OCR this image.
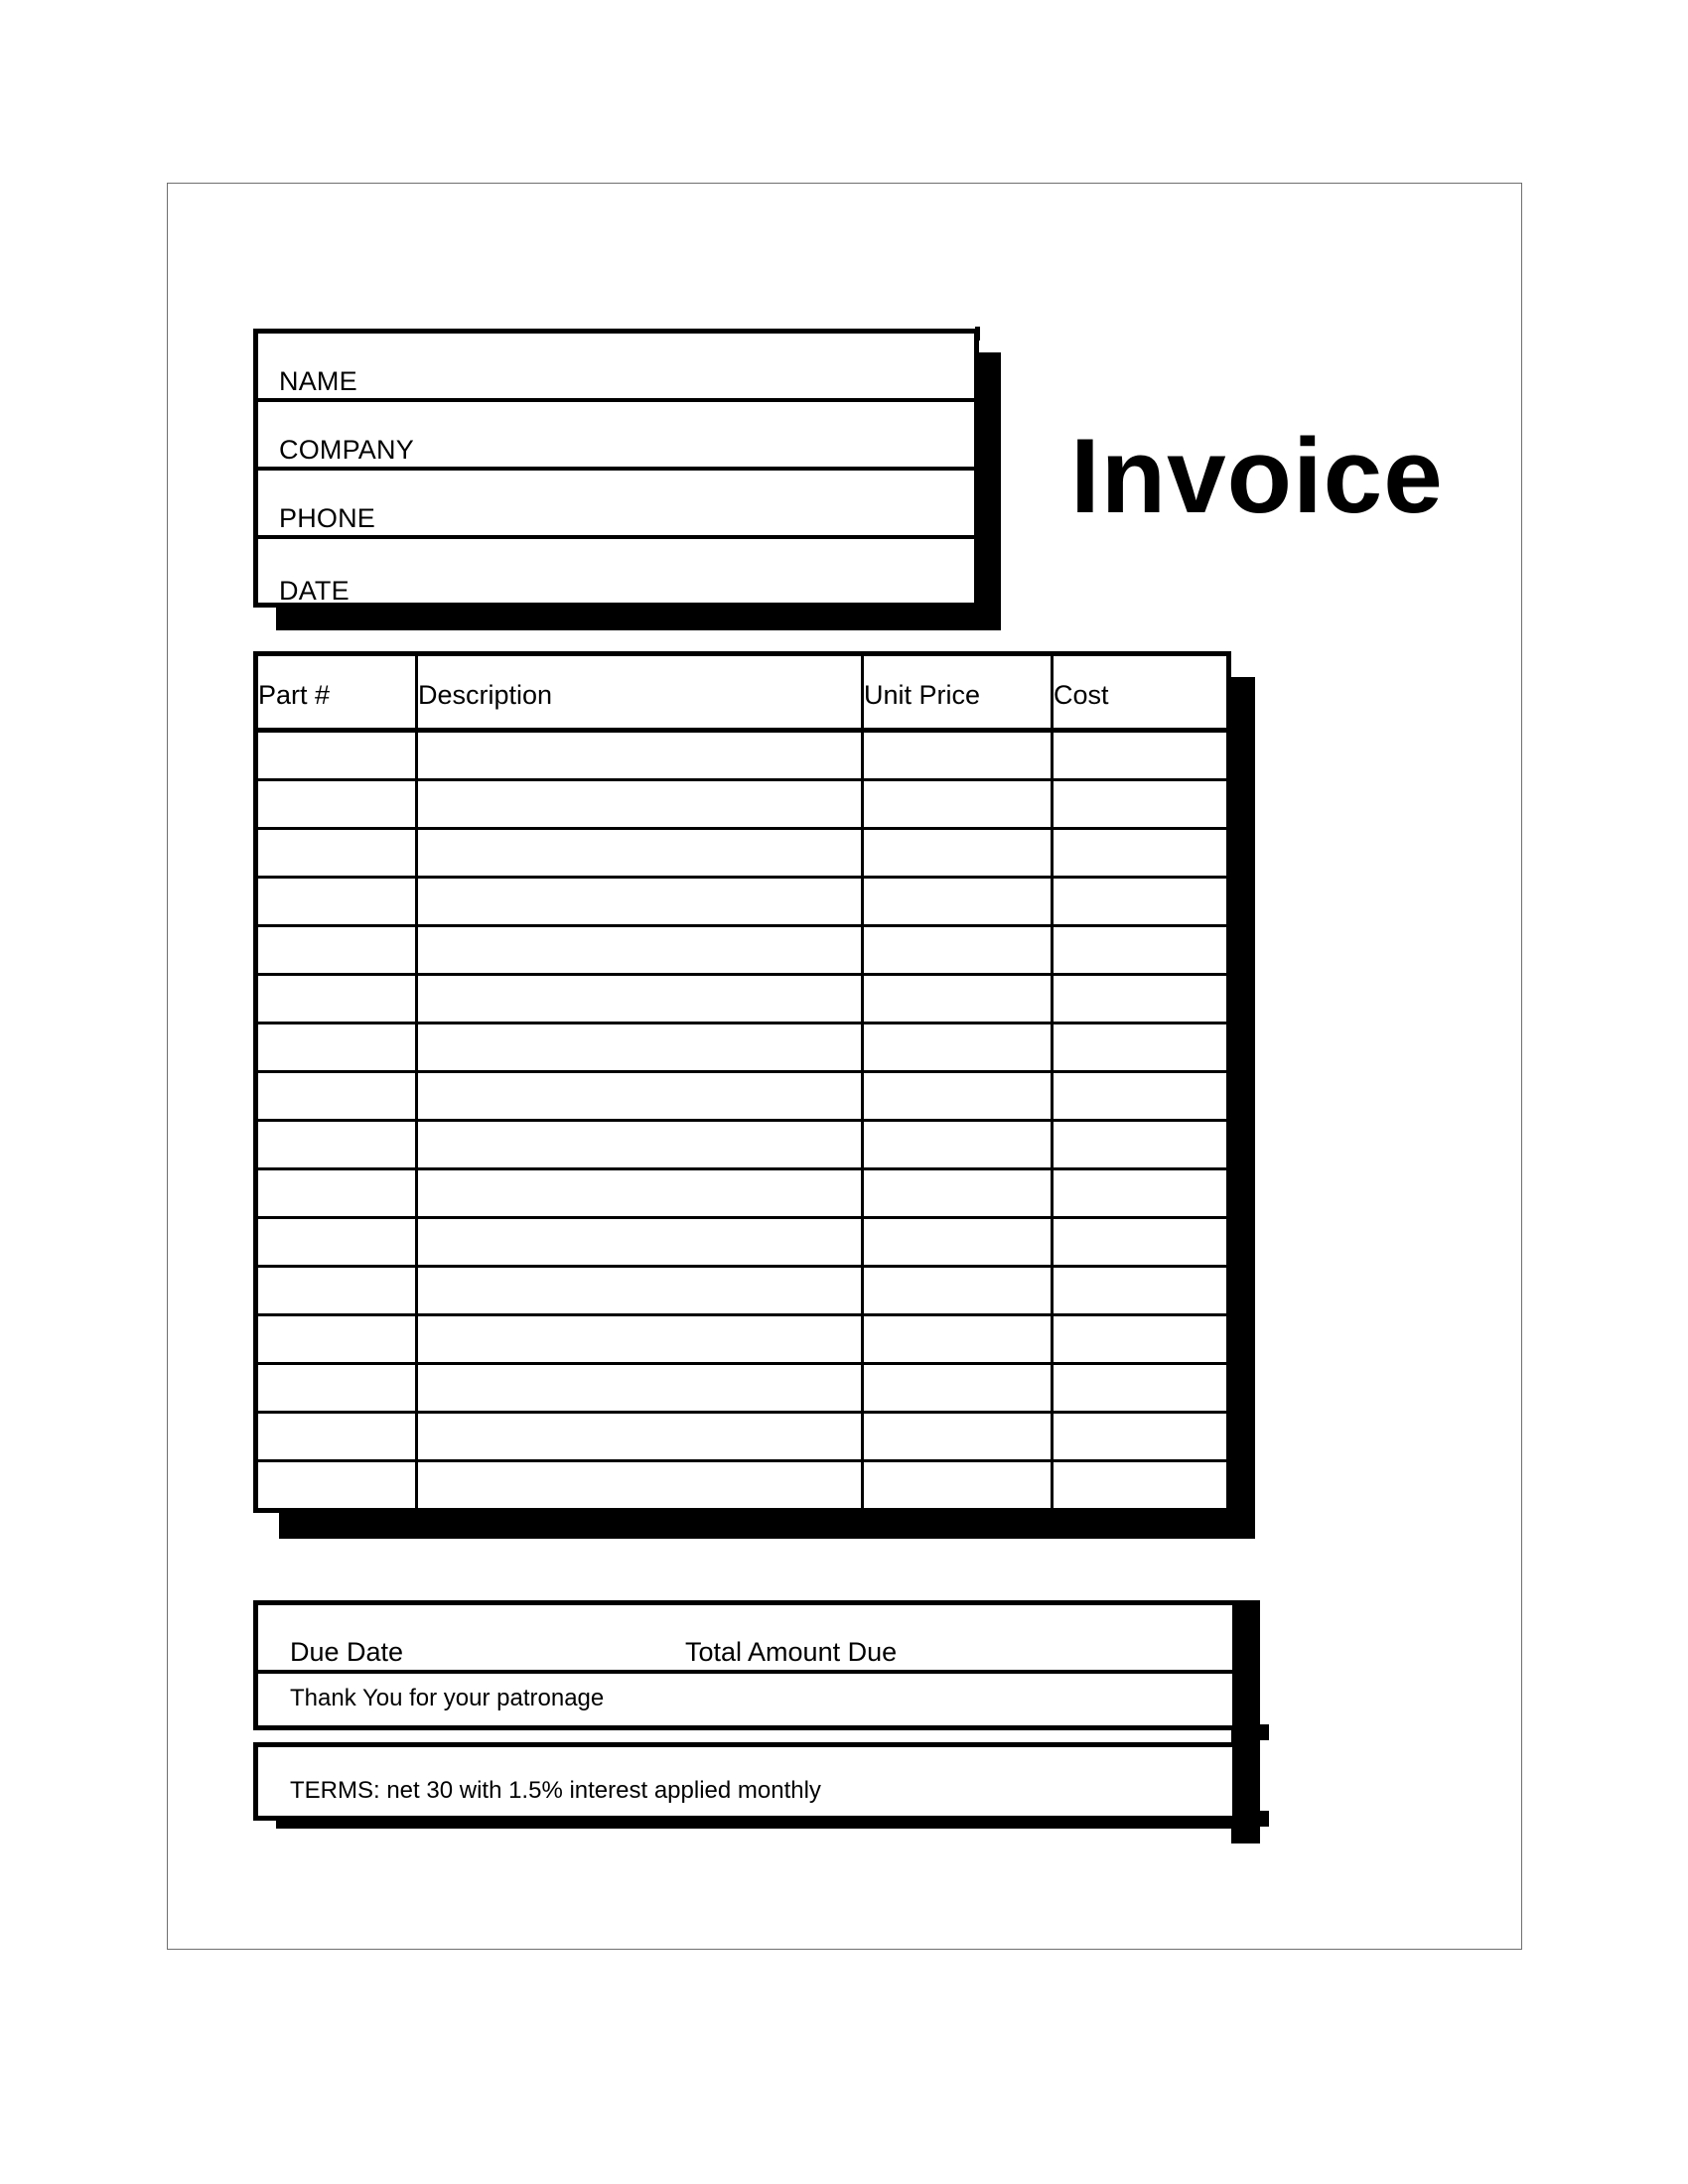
NAME
COMPANY
PHONE
DATE
Invoice
Part #	Description	Unit Price	Cost

Due Date	Total Amount Due
Thank You for your patronage
TERMS: net 30 with 1.5% interest applied monthly
